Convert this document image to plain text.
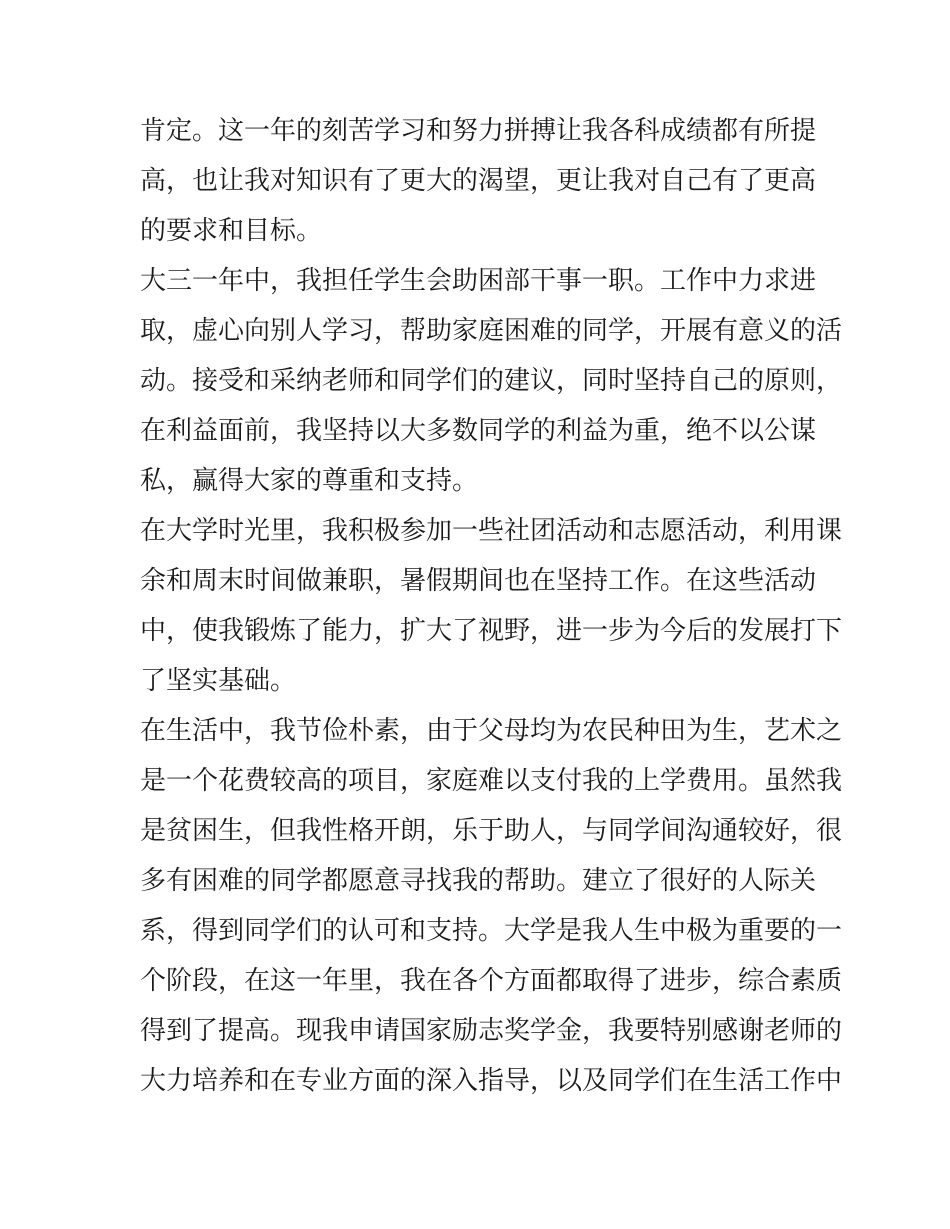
肯定。这一年的刻苦学习和努力拼搏让我各科成绩都有所提
高，也让我对知识有了更大的渴望，更让我对自己有了更高
的要求和目标。
大三一年中，我担任学生会助困部干事一职。工作中力求进
取，虚心向别人学习，帮助家庭困难的同学，开展有意义的活
动。接受和采纳老师和同学们的建议，同时坚持自己的原则，
在利益面前，我坚持以大多数同学的利益为重，绝不以公谋
私，赢得大家的尊重和支持。
在大学时光里，我积极参加一些社团活动和志愿活动，利用课
余和周末时间做兼职，暑假期间也在坚持工作。在这些活动
中，使我锻炼了能力，扩大了视野，进一步为今后的发展打下
了坚实基础。
在生活中，我节俭朴素，由于父母均为农民种田为生，艺术之
是一个花费较高的项目，家庭难以支付我的上学费用。虽然我
是贫困生，但我性格开朗，乐于助人，与同学间沟通较好，很
多有困难的同学都愿意寻找我的帮助。建立了很好的人际关
系，得到同学们的认可和支持。大学是我人生中极为重要的一
个阶段，在这一年里，我在各个方面都取得了进步，综合素质
得到了提高。现我申请国家励志奖学金，我要特别感谢老师的
大力培养和在专业方面的深入指导，以及同学们在生活工作中
